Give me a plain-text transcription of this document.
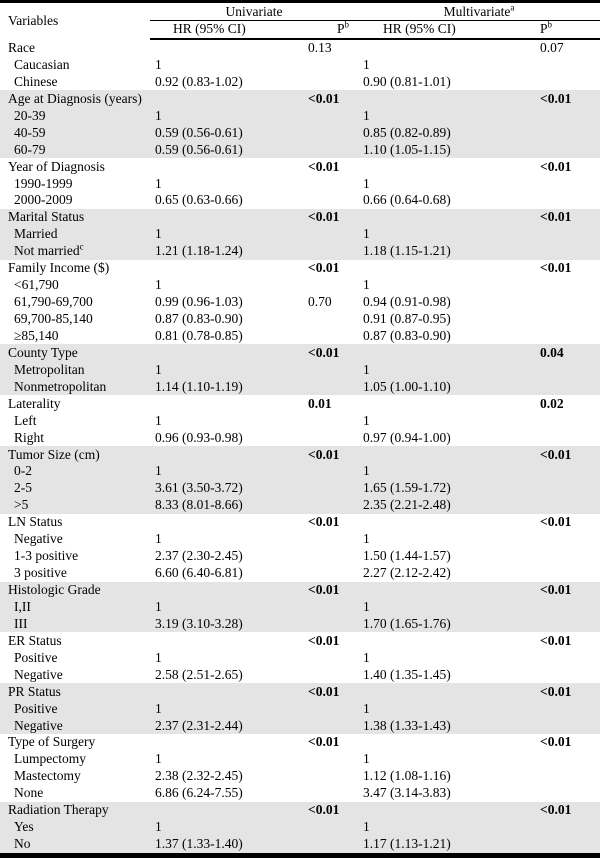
Variables	Univariate		Multivariate$^a$
	HR (95% CI)	$P^b$	HR (95% CI)	$P^b$
Race		0.13		0.07
Caucasian	1		1	
Chinese	0.92 (0.83-1.02)		0.90 (0.81-1.01)	
Age at Diagnosis (years)		<0.01		<0.01
20-39	1		1	
40-59	0.59 (0.56-0.61)		0.85 (0.82-0.89)	
60-79	0.59 (0.56-0.61)		1.10 (1.05-1.15)	
Year of Diagnosis		<0.01		<0.01
1990-1999	1		1	
2000-2009	0.65 (0.63-0.66)		0.66 (0.64-0.68)	
Marital Status		<0.01		<0.01
Married	1		1	
Not married$^c$	1.21 (1.18-1.24)		1.18 (1.15-1.21)	
Family Income ($)		<0.01		<0.01
<61,790	1		1	
61,790-69,700	0.99 (0.96-1.03)	0.70	0.94 (0.91-0.98)	
69,700-85,140	0.87 (0.83-0.90)		0.91 (0.87-0.95)	
≥85,140	0.81 (0.78-0.85)		0.87 (0.83-0.90)	
County Type		<0.01		0.04
Metropolitan	1		1	
Nonmetropolitan	1.14 (1.10-1.19)		1.05 (1.00-1.10)	
Laterality		0.01		0.02
Left	1		1	
Right	0.96 (0.93-0.98)		0.97 (0.94-1.00)	
Tumor Size (cm)		<0.01		<0.01
0-2	1		1	
2-5	3.61 (3.50-3.72)		1.65 (1.59-1.72)	
>5	8.33 (8.01-8.66)		2.35 (2.21-2.48)	
LN Status		<0.01		<0.01
Negative	1		1	
1-3 positive	2.37 (2.30-2.45)		1.50 (1.44-1.57)	
3 positive	6.60 (6.40-6.81)		2.27 (2.12-2.42)	
Histologic Grade		<0.01		<0.01
I,II	1		1	
III	3.19 (3.10-3.28)		1.70 (1.65-1.76)	
ER Status		<0.01		<0.01
Positive	1		1	
Negative	2.58 (2.51-2.65)		1.40 (1.35-1.45)	
PR Status		<0.01		<0.01
Positive	1		1	
Negative	2.37 (2.31-2.44)		1.38 (1.33-1.43)	
Type of Surgery		<0.01		<0.01
Lumpectomy	1		1	
Mastectomy	2.38 (2.32-2.45)		1.12 (1.08-1.16)	
None	6.86 (6.24-7.55)		3.47 (3.14-3.83)	
Radiation Therapy		<0.01		<0.01
Yes	1		1	
No	1.37 (1.33-1.40)		1.17 (1.13-1.21)	
